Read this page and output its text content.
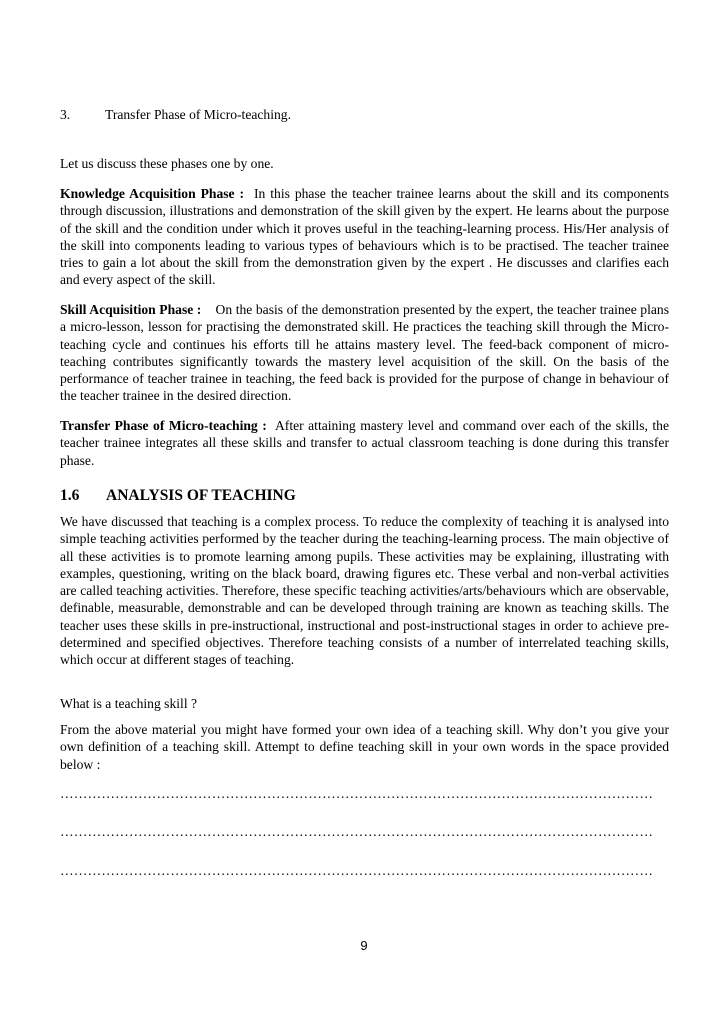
3.	Transfer Phase of Micro-teaching.

Let us discuss these phases one by one.

Knowledge Acquisition Phase : In this phase the teacher trainee learns about the skill and its components through discussion, illustrations and demonstration of the skill given by the expert. He learns about the purpose of the skill and the condition under which it proves useful in the teaching-learning process. His/Her analysis of the skill into components leading to various types of behaviours which is to be practised. The teacher trainee tries to gain a lot about the skill from the demonstration given by the expert . He discusses and clarifies each and every aspect of the skill.

Skill Acquisition Phase : On the basis of the demonstration presented by the expert, the teacher trainee plans a micro-lesson, lesson for practising the demonstrated skill. He practices the teaching skill through the Micro-teaching cycle and continues his efforts till he attains mastery level. The feed-back component of micro-teaching contributes significantly towards the mastery level acquisition of the skill. On the basis of the performance of teacher trainee in teaching, the feed back is provided for the purpose of change in behaviour of the teacher trainee in the desired direction.

Transfer Phase of Micro-teaching : After attaining mastery level and command over each of the skills, the teacher trainee integrates all these skills and transfer to actual classroom teaching is done during this transfer phase.

1.6 ANALYSIS OF TEACHING

We have discussed that teaching is a complex process. To reduce the complexity of teaching it is analysed into simple teaching activities performed by the teacher during the teaching-learning process. The main objective of all these activities is to promote learning among pupils. These activities may be explaining, illustrating with examples, questioning, writing on the black board, drawing figures etc. These verbal and non-verbal activities are called teaching activities. Therefore, these specific teaching activities/arts/behaviours which are observable, definable, measurable, demonstrable and can be developed through training are known as teaching skills. The teacher uses these skills in pre-instructional, instructional and post-instructional stages in order to achieve pre-determined and specified objectives. Therefore teaching consists of a number of interrelated teaching skills, which occur at different stages of teaching.

What is a teaching skill ?

From the above material you might have formed your own idea of a teaching skill. Why don’t you give your own definition of a teaching skill. Attempt to define teaching skill in your own words in the space provided below :

…………………………………………………………………………………………………………………
…………………………………………………………………………………………………………………
…………………………………………………………………………………………………………………
9
